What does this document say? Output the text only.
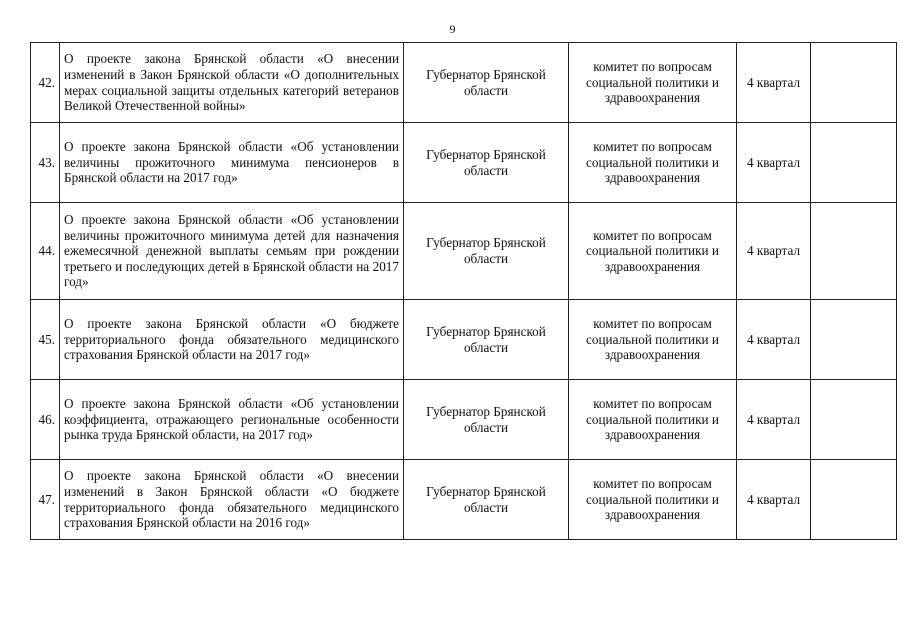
9
42.	О проекте закона Брянской области «О внесении изменений в Закон Брянской области «О дополнительных мерах социальной защиты отдельных категорий ветеранов Великой Отечественной войны»	Губернатор Брянской области	комитет по вопросам социальной политики и здравоохранения	4 квартал	
43.	О проекте закона Брянской области «Об установлении величины прожиточного минимума пенсионеров в Брянской области на 2017 год»	Губернатор Брянской области	комитет по вопросам социальной политики и здравоохранения	4 квартал	
44.	О проекте закона Брянской области «Об установлении величины прожиточного минимума детей для назначения ежемесячной денежной выплаты семьям при рождении третьего и последующих детей в Брянской области на 2017 год»	Губернатор Брянской области	комитет по вопросам социальной политики и здравоохранения	4 квартал	
45.	О проекте закона Брянской области «О бюджете территориального фонда обязательного медицинского страхования Брянской области на 2017 год»	Губернатор Брянской области	комитет по вопросам социальной политики и здравоохранения	4 квартал	
46.	О проекте закона Брянской области «Об установлении коэффициента, отражающего региональные особенности рынка труда Брянской области, на 2017 год»	Губернатор Брянской области	комитет по вопросам социальной политики и здравоохранения	4 квартал	
47.	О проекте закона Брянской области «О внесении изменений в Закон Брянской области «О бюджете территориального фонда обязательного медицинского страхования Брянской области на 2016 год»	Губернатор Брянской области	комитет по вопросам социальной политики и здравоохранения	4 квартал	
